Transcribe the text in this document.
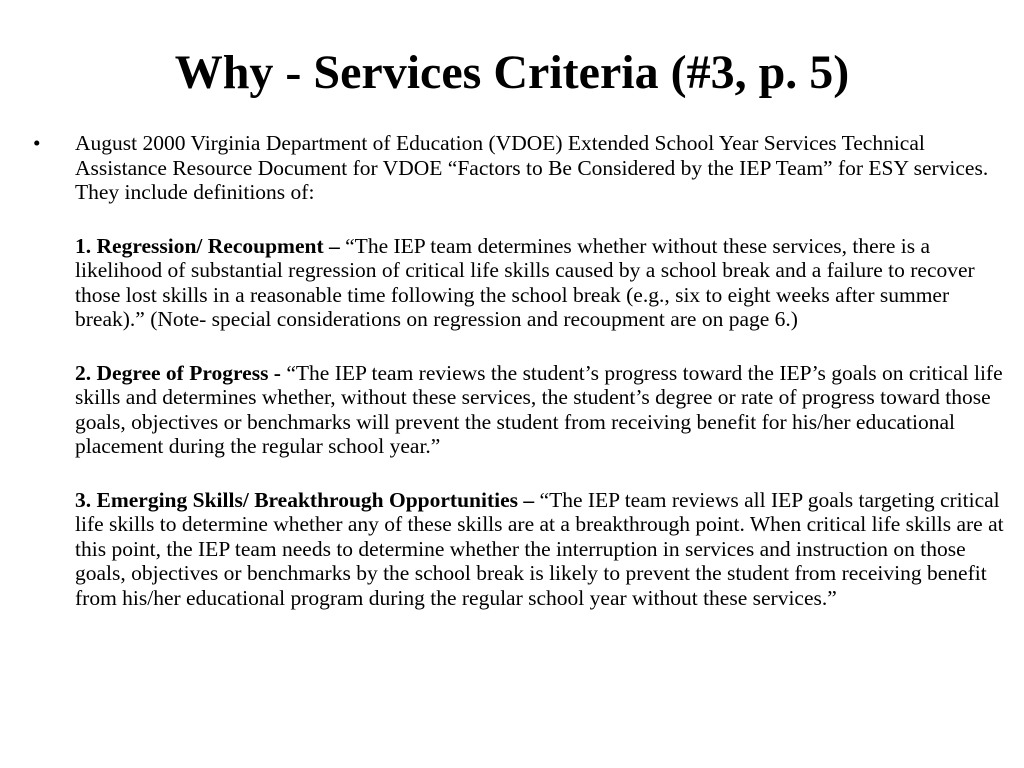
Why - Services Criteria (#3, p. 5)
• August 2000 Virginia Department of Education (VDOE) Extended School Year Services Technical Assistance Resource Document for VDOE “Factors to Be Considered by the IEP Team” for ESY services. They include definitions of:

1. Regression/ Recoupment – “The IEP team determines whether without these services, there is a likelihood of substantial regression of critical life skills caused by a school break and a failure to recover those lost skills in a reasonable time following the school break (e.g., six to eight weeks after summer break).” (Note- special considerations on regression and recoupment are on page 6.)

2. Degree of Progress - “The IEP team reviews the student’s progress toward the IEP’s goals on critical life skills and determines whether, without these services, the student’s degree or rate of progress toward those goals, objectives or benchmarks will prevent the student from receiving benefit for his/her educational placement during the regular school year.”

3. Emerging Skills/ Breakthrough Opportunities – “The IEP team reviews all IEP goals targeting critical life skills to determine whether any of these skills are at a breakthrough point. When critical life skills are at this point, the IEP team needs to determine whether the interruption in services and instruction on those goals, objectives or benchmarks by the school break is likely to prevent the student from receiving benefit from his/her educational program during the regular school year without these services.”
